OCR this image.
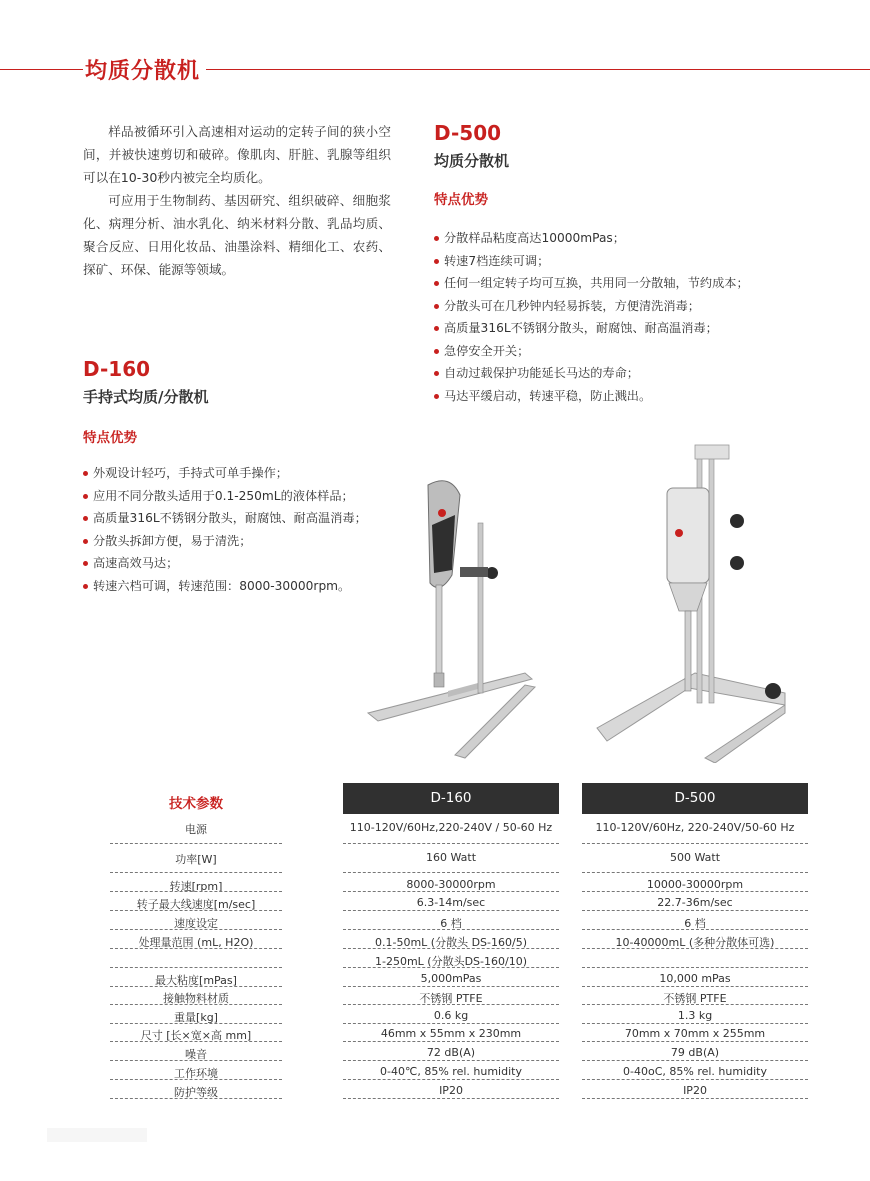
均质分散机

样品被循环引入高速相对运动的定转子间的狭小空间，并被快速剪切和破碎。像肌肉、肝脏、乳腺等组织可以在10-30秒内被完全均质化。

可应用于生物制药、基因研究、组织破碎、细胞浆化、病理分析、油水乳化、纳米材料分散、乳品均质、聚合反应、日用化妆品、油墨涂料、精细化工、农药、探矿、环保、能源等领域。

D-500
均质分散机
特点优势
分散样品粘度高达10000mPas；
转速7档连续可调；
任何一组定转子均可互换，共用同一分散轴，节约成本；
分散头可在几秒钟内轻易拆装，方便清洗消毒；
高质量316L不锈钢分散头，耐腐蚀、耐高温消毒；
急停安全开关；
自动过载保护功能延长马达的寿命；
马达平缓启动，转速平稳，防止溅出。
D-160
手持式均质/分散机
特点优势
外观设计轻巧，手持式可单手操作；
应用不同分散头适用于0.1-250mL的液体样品；
高质量316L不锈钢分散头，耐腐蚀、耐高温消毒；
分散头拆卸方便，易于清洗；
高速高效马达；
转速六档可调，转速范围：8000-30000rpm。
技术参数	D-160	D-500
电源	110-120V/60Hz,220-240V / 50-60 Hz	110-120V/60Hz, 220-240V/50-60 Hz
功率[W]	160 Watt	500 Watt
转速[rpm]	8000-30000rpm	10000-30000rpm
转子最大线速度[m/sec]	6.3-14m/sec	22.7-36m/sec
速度设定	6 档	6 档
处理量范围 (mL, H2O)	0.1-50mL (分散头 DS-160/5)	10-40000mL (多种分散体可选)
1-250mL (分散头DS-160/10)
最大粘度[mPas]	5,000mPas	10,000 mPas
接触物料材质	不锈钢 PTFE	不锈钢 PTFE
重量[kg]	0.6 kg	1.3 kg
尺寸 [长×宽×高 mm]	46mm x 55mm x 230mm	70mm x 70mm x 255mm
噪音	72 dB(A)	79 dB(A)
工作环境	0-40℃, 85% rel. humidity	0-40oC, 85% rel. humidity
防护等级	IP20	IP20
